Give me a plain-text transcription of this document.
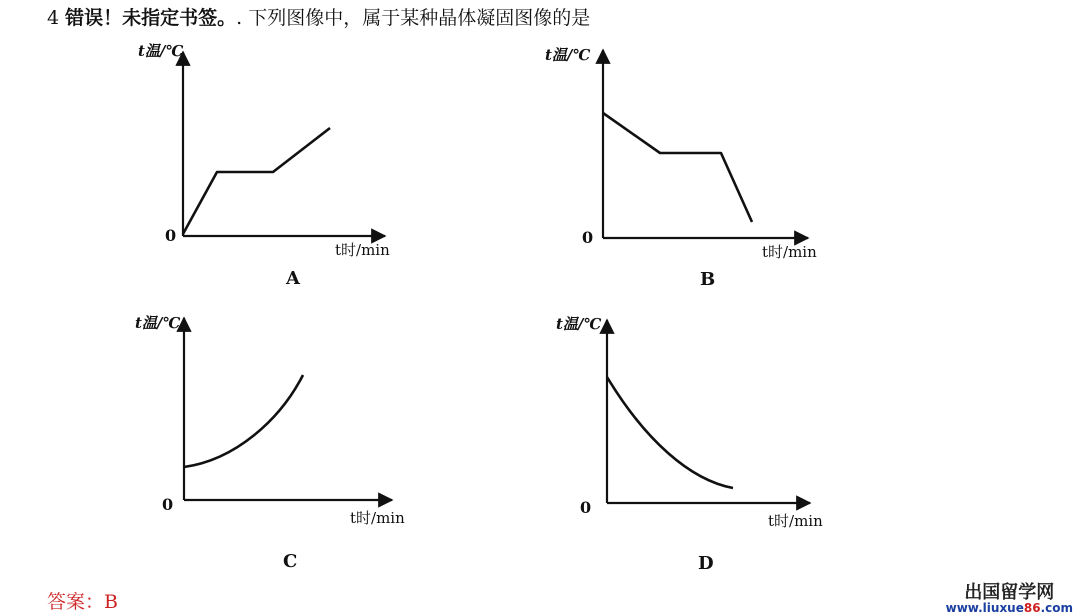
4 错误！未指定书签。. 下列图像中，属于某种晶体凝固图像的是
t温/℃
t时/min
0
A
t温/℃
t时/min
0
B
t温/℃
t时/min
0
C
t温/℃
t时/min
0
D
答案：B	出国留学网
www.liuxue86.com
